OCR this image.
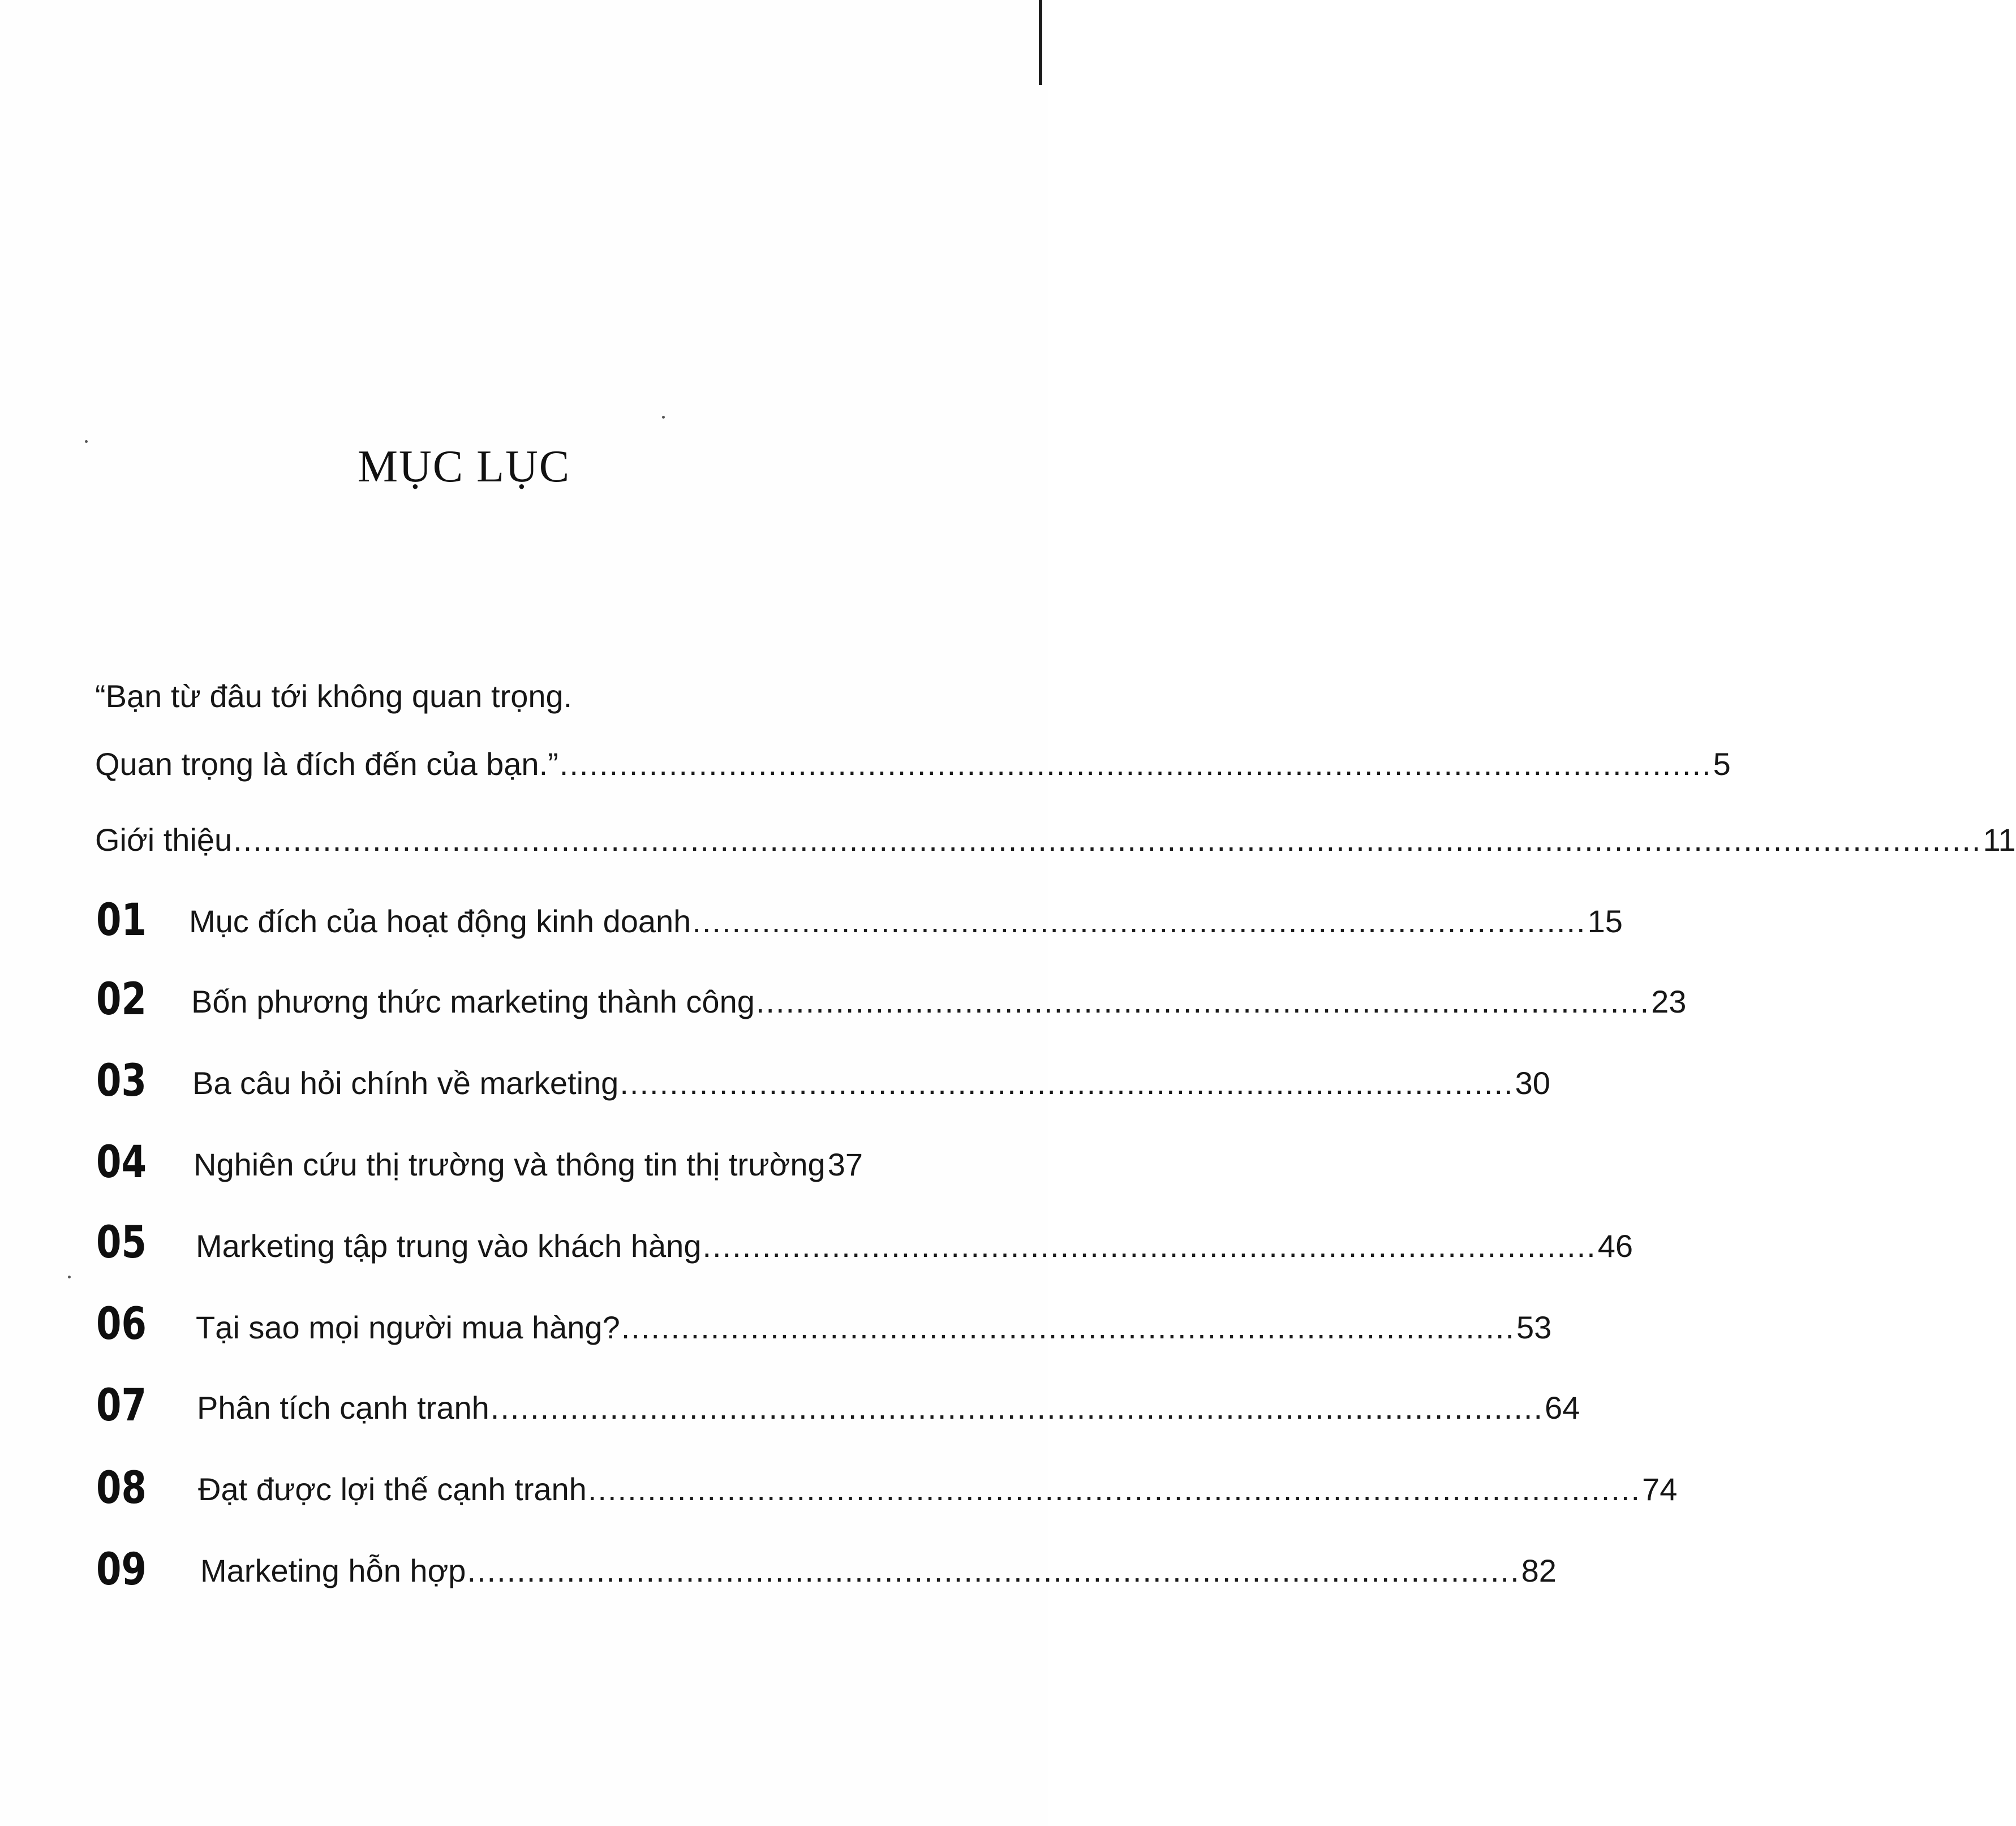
MỤC LỤC
“Bạn từ đâu tới không quan trọng.
Quan trọng là đích đến của bạn.” .................................................................................................................... 5
Giới thiệu ................................................................................................................................................................................ 11
01 Mục đích của hoạt động kinh doanh .......................................................................................... 15
02 Bốn phương thức marketing thành công .......................................................................................... 23
03 Ba câu hỏi chính về marketing .......................................................................................... 30
04 Nghiên cứu thị trường và thông tin thị trường 37
05 Marketing tập trung vào khách hàng .......................................................................................... 46
06 Tại sao mọi người mua hàng? .......................................................................................... 53
07 Phân tích cạnh tranh .......................................................................................................... 64
08 Đạt được lợi thế cạnh tranh .......................................................................................................... 74
09 Marketing hỗn hợp .......................................................................................................... 82
